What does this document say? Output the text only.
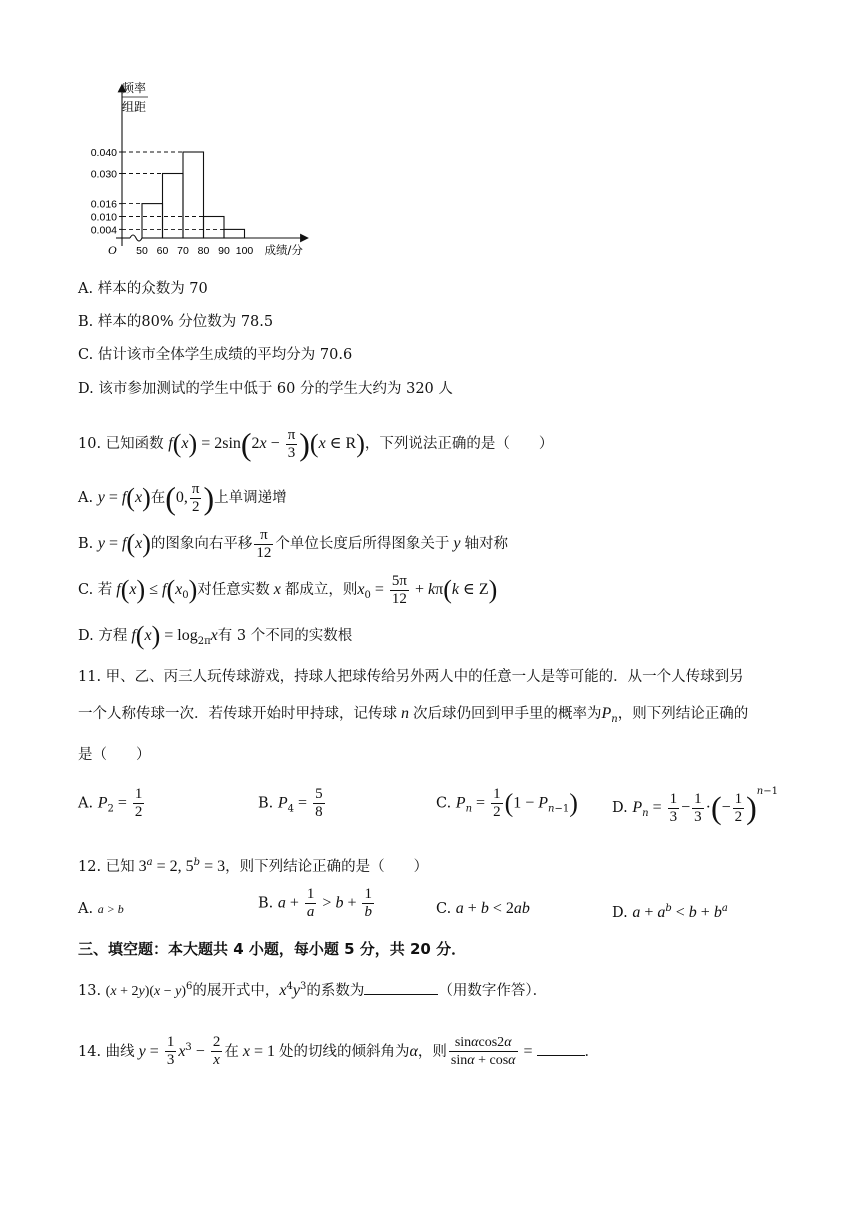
频率
组距
O
0.040
0.030
0.016
0.010
0.004
50 60 70 80 90 100 成绩/分
A. 样本的众数为 70
B. 样本的80% 分位数为 78.5
C. 估计该市全体学生成绩的平均分为 70.6
D. 该市参加测试的学生中低于 60 分的学生大约为 320 人
10. 已知函数 $f(x) = 2\sin(2x - \frac{\pi}{3} )(x$ ∈ R)，下列说法正确的是（　　）
A. y = f(x)在(0, $\frac{\pi}{2}$ )上单调递增
B. y = f(x)的图象向右平移 $\frac{\pi}{12}$ 个单位长度后所得图象关于 y 轴对称
C. 若 $f(x) \le f(x_0)$对任意实数 x 都成立，则$x_0 = \frac{5\pi}{12} + k\pi(k$ ∈ Z)
D. 方程 $f(x) = \log_{2\pi}x$有 3 个不同的实数根
11. 甲、乙、丙三人玩传球游戏，持球人把球传给另外两人中的任意一人是等可能的．从一个人传球到另
一个人称传球一次．若传球开始时甲持球，记传球 n 次后球仍回到甲手里的概率为$P_n$，则下列结论正确的
是（　　）
A. $P_2 = \frac{1}{2}$	B. $P_4 = \frac{5}{8}$	C. $P_n = \frac{1}{2} (1 - P_{n-1})$ D. $P_n = \frac{1}{3} - \frac{1}{3}$ ·(− $\frac{1}{2} )^{n-1}$
12. 已知 $3^a = 2$, $5^b = 3$，则下列结论正确的是（　　）
A. a > b	B. $a + \frac{1}{a} > b + \frac{1}{b}$	C. a + b < 2ab	D. $a + a^b < b + b^a$
三、填空题：本大题共 4 小题，每小题 5 分，共 20 分．
13. $(x + 2y)(x - y)^6$的展开式中，$x^4y^3$的系数为	（用数字作答）．
14. 曲线 $y = \frac{1}{3} x^3 - \frac{2}{x}$ 在 x = 1 处的切线的倾斜角为α，则 $\frac{\sin\alpha\cos 2\alpha}{\sin\alpha + \cos\alpha}$ =	．
